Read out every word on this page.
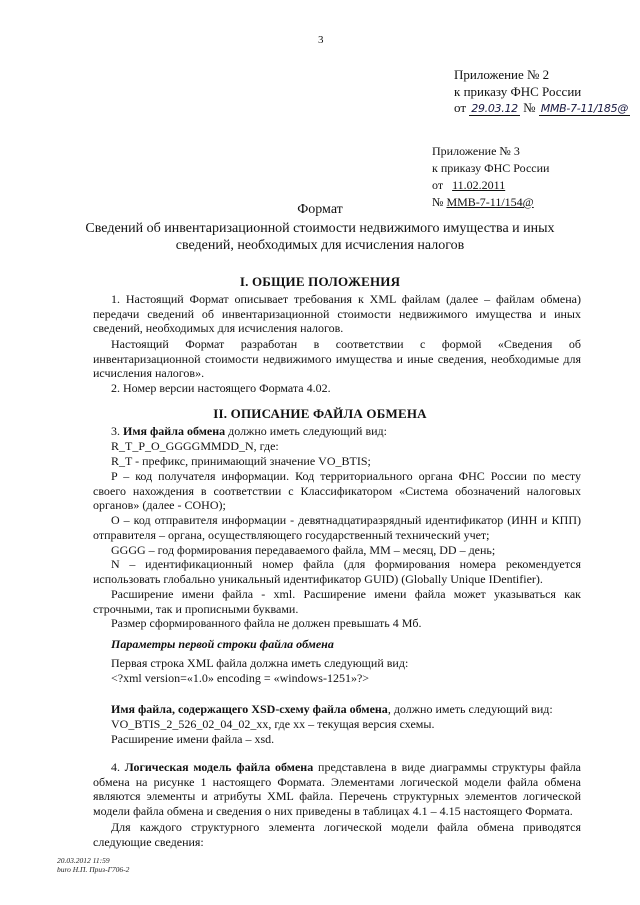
3
Приложение № 2
к приказу ФНС России
от 29.03.12 № ММВ-7-11/185@
Приложение № 3
к приказу ФНС России
от 11.02.2011
№ ММВ-7-11/154@
Формат
Сведений об инвентаризационной стоимости недвижимого имущества и иных
сведений, необходимых для исчисления налогов
I. ОБЩИЕ ПОЛОЖЕНИЯ
1. Настоящий Формат описывает требования к XML файлам (далее – файлам обмена) передачи сведений об инвентаризационной стоимости недвижимого имущества и иных сведений, необходимых для исчисления налогов.
Настоящий Формат разработан в соответствии с формой «Сведения об инвентаризационной стоимости недвижимого имущества и иные сведения, необходимые для исчисления налогов».
2. Номер версии настоящего Формата 4.02.
II. ОПИСАНИЕ ФАЙЛА ОБМЕНА
3. Имя файла обмена должно иметь следующий вид:
R_T_P_O_GGGGMMDD_N, где:
R_T - префикс, принимающий значение VO_BTIS;
P – код получателя информации. Код территориального органа ФНС России по месту своего нахождения в соответствии с Классификатором «Система обозначений налоговых органов» (далее - СОНО);
O – код отправителя информации - девятнадцатиразрядный идентификатор (ИНН и КПП) отправителя – органа, осуществляющего государственный технический учет;
GGGG – год формирования передаваемого файла, MM – месяц, DD – день;
N – идентификационный номер файла (для формирования номера рекомендуется использовать глобально уникальный идентификатор GUID) (Globally Unique IDentifier).
Расширение имени файла - xml. Расширение имени файла может указываться как строчными, так и прописными буквами.
Размер сформированного файла не должен превышать 4 Мб.
Параметры первой строки файла обмена
Первая строка XML файла должна иметь следующий вид:
<?xml version=«1.0» encoding = «windows-1251»?>
Имя файла, содержащего XSD-схему файла обмена, должно иметь следующий вид:
VO_BTIS_2_526_02_04_02_xx, где хх – текущая версия схемы.
Расширение имени файла – xsd.
4. Логическая модель файла обмена представлена в виде диаграммы структуры файла обмена на рисунке 1 настоящего Формата. Элементами логической модели файла обмена являются элементы и атрибуты XML файла. Перечень структурных элементов логической модели файла обмена и сведения о них приведены в таблицах 4.1 – 4.15 настоящего Формата.
Для каждого структурного элемента логической модели файла обмена приводятся следующие сведения:
20.03.2012 11:59
buro Н.П. Приз-Г706-2
